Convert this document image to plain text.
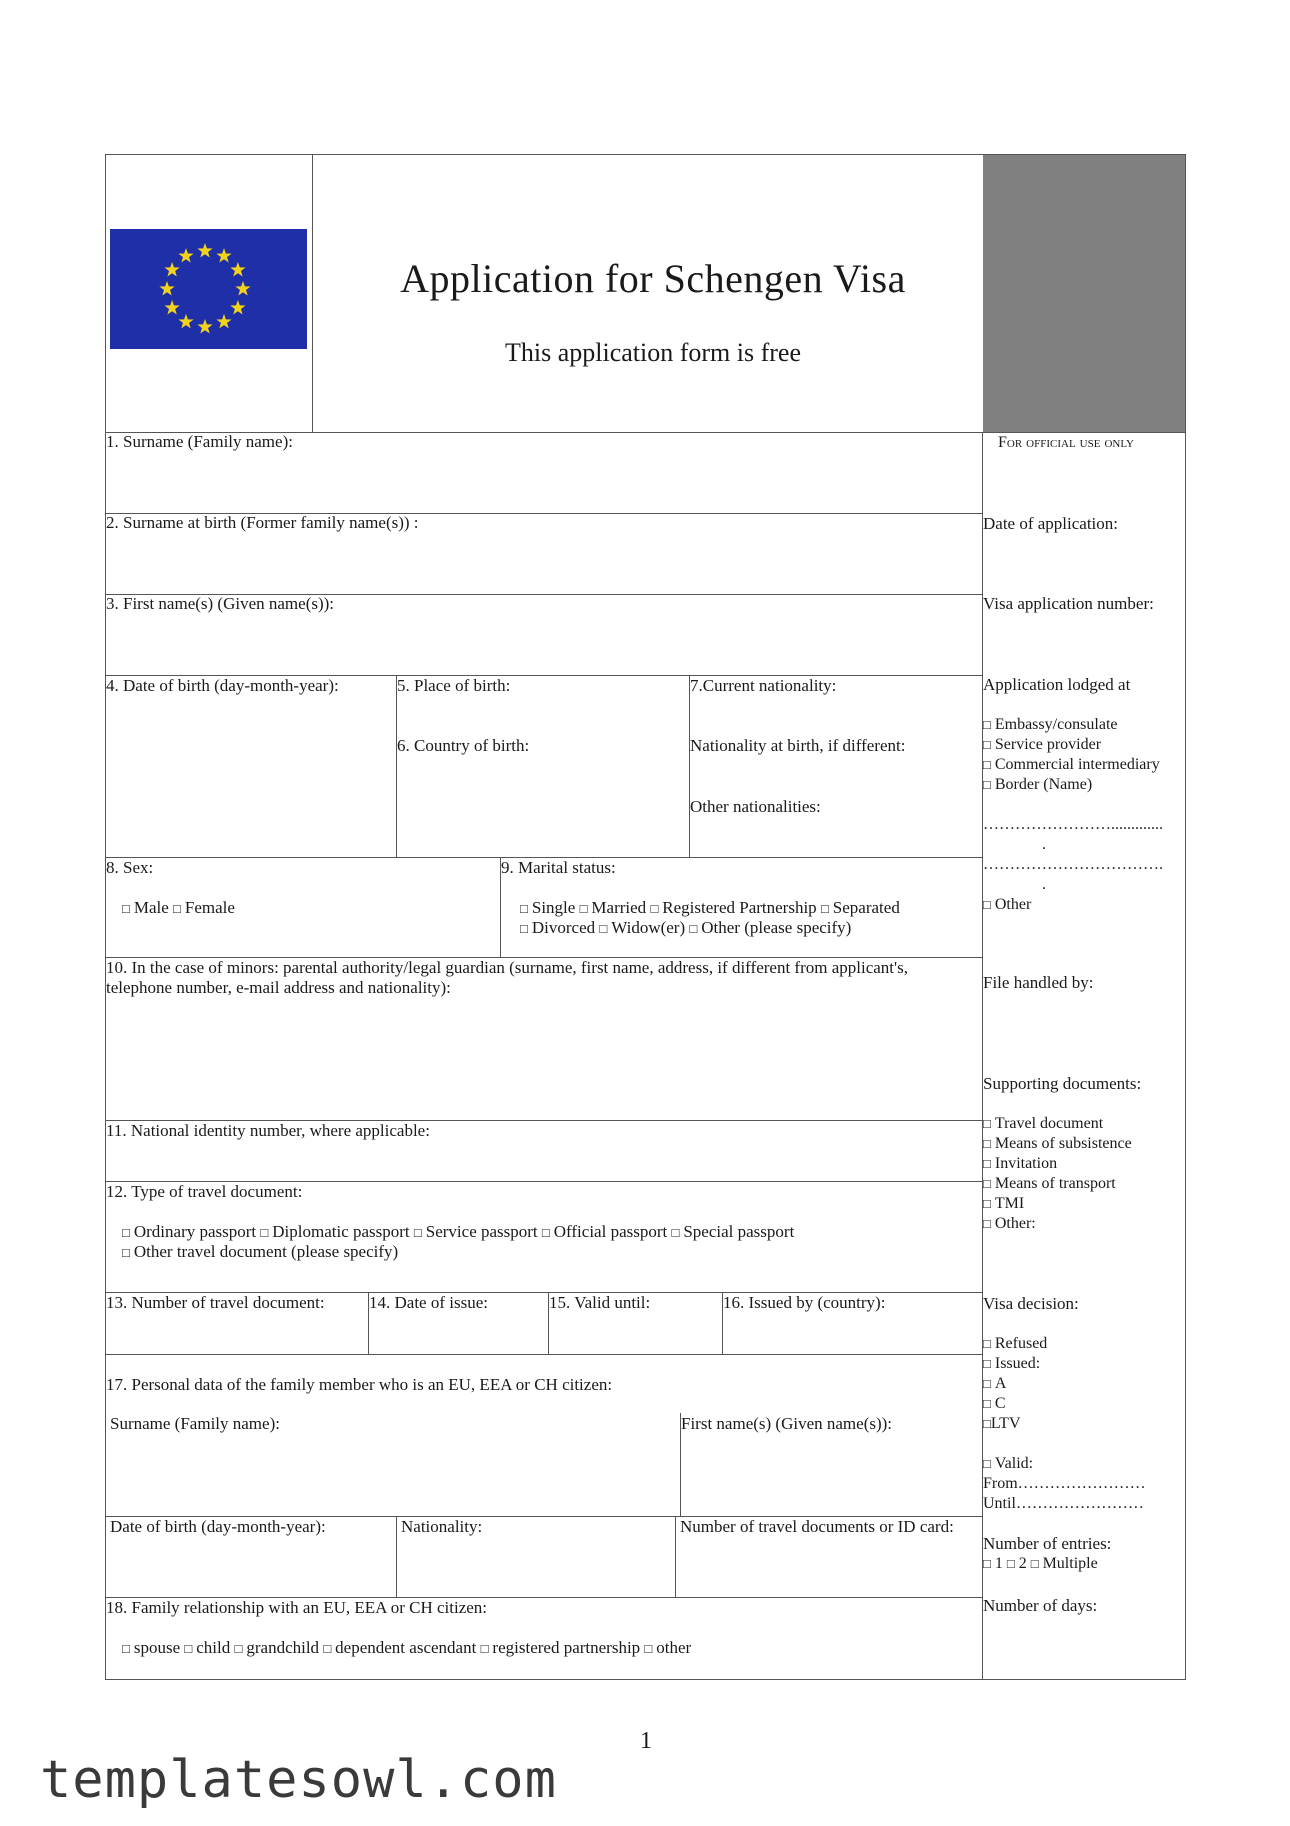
Application for Schengen Visa
This application form is free
1. Surname (Family name):
2. Surname at birth (Former family name(s)) :
3. First name(s) (Given name(s)):
4. Date of birth (day-month-year):	5. Place of birth:
6. Country of birth:
7.Current nationality:
Nationality at birth, if different:
Other nationalities:
8. Sex:
□ Male □ Female
9. Marital status:
□ Single □ Married □ Registered Partnership □ Separated
□ Divorced □ Widow(er) □ Other (please specify)
10. In the case of minors: parental authority/legal guardian (surname, first name, address, if different from applicant's, telephone number, e-mail address and nationality):
11. National identity number, where applicable:
12. Type of travel document:
□ Ordinary passport □ Diplomatic passport □ Service passport □ Official passport □ Special passport
□ Other travel document (please specify)
13. Number of travel document:	14. Date of issue:	15. Valid until:	16. Issued by (country):
17. Personal data of the family member who is an EU, EEA or CH citizen:
Surname (Family name):	First name(s) (Given name(s)):
Date of birth (day-month-year):	Nationality:	Number of travel documents or ID card:
18. Family relationship with an EU, EEA or CH citizen:
□ spouse □ child □ grandchild □ dependent ascendant □ registered partnership □ other
For official use only
Date of application:
Visa application number:
Application lodged at
□ Embassy/consulate
□ Service provider
□ Commercial intermediary
□ Border (Name)
…………………….............
.
…………………………….
.
□ Other
File handled by:
Supporting documents:
□ Travel document
□ Means of subsistence
□ Invitation
□ Means of transport
□ TMI
□ Other:
Visa decision:
□ Refused
□ Issued:
□ A
□ C
□LTV
□ Valid:
From……………………
Until……………………
Number of entries:
□ 1 □ 2 □ Multiple
Number of days:
1
templatesowl.com
